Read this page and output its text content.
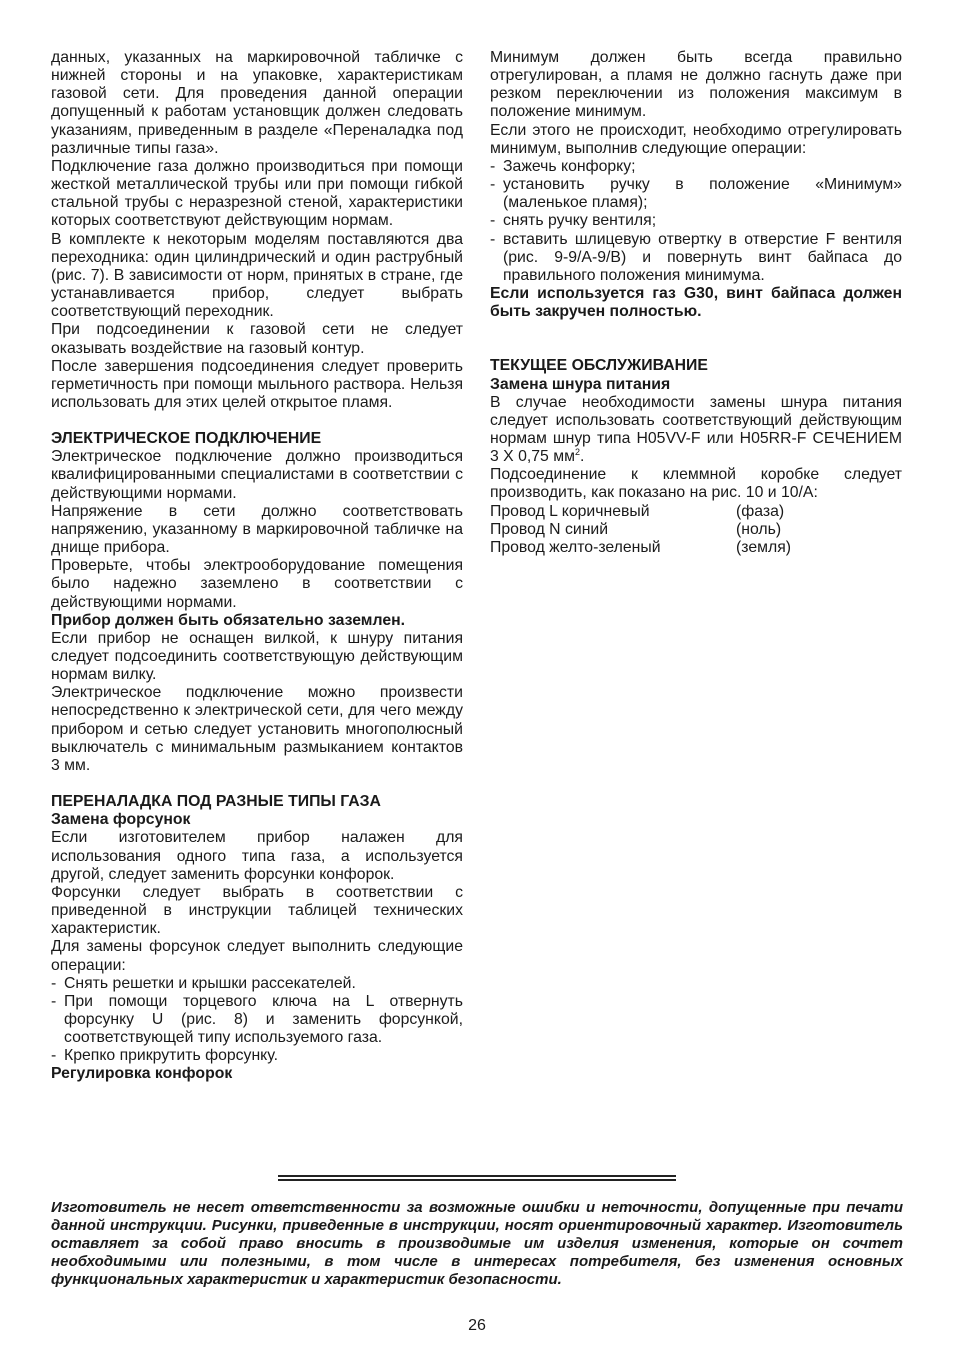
данных, указанных на маркировочной табличке с нижней стороны и на упаковке, характеристикам газовой сети. Для проведения данной операции допущенный к работам установщик должен следовать указаниям, приведенным в разделе «Переналадка под различные типы газа».

Подключение газа должно производиться при помощи жесткой металлической трубы или при помощи гибкой стальной трубы с неразрезной стеной, характеристики которых соответствуют действующим нормам.

В комплекте к некоторым моделям поставляются два переходника: один цилиндрический и один раструбный (рис. 7). В зависимости от норм, принятых в стране, где устанавливается прибор, следует выбрать соответствующий переходник.

При подсоединении к газовой сети не следует оказывать воздействие на газовый контур.

После завершения подсоединения следует проверить герметичность при помощи мыльного раствора. Нельзя использовать для этих целей открытое пламя.

ЭЛЕКТРИЧЕСКОЕ ПОДКЛЮЧЕНИЕ

Электрическое подключение должно производиться квалифицированными специалистами в соответствии с действующими нормами.

Напряжение в сети должно соответствовать напряжению, указанному в маркировочной табличке на днище прибора.

Проверьте, чтобы электрооборудование помещения было надежно заземлено в соответствии с действующими нормами.

Прибор должен быть обязательно заземлен.

Если прибор не оснащен вилкой, к шнуру питания следует подсоединить соответствующую действующим нормам вилку.

Электрическое подключение можно произвести непосредственно к электрической сети, для чего между прибором и сетью следует установить многополюсный выключатель с минимальным размыканием контактов 3 мм.

ПЕРЕНАЛАДКА ПОД РАЗНЫЕ ТИПЫ ГАЗА

Замена форсунок

Если изготовителем прибор налажен для использования одного типа газа, а используется другой, следует заменить форсунки конфорок.

Форсунки следует выбрать в соответствии с приведенной в инструкции таблицей технических характеристик.

Для замены форсунок следует выполнить следующие операции:

- Снять решетки и крышки рассекателей.
- При помощи торцевого ключа на L отвернуть форсунку U (рис. 8) и заменить форсункой, соответствующей типу используемого газа.
- Крепко прикрутить форсунку.

Регулировка конфорок

Минимум должен быть всегда правильно отрегулирован, а пламя не должно гаснуть даже при резком переключении из положения максимум в положение минимум.

Если этого не происходит, необходимо отрегулировать минимум, выполнив следующие операции:

- Зажечь конфорку;
- установить ручку в положение «Минимум» (маленькое пламя);
- снять ручку вентиля;
- вставить шлицевую отвертку в отверстие F вентиля (рис. 9-9/A-9/B) и повернуть винт байпаса до правильного положения минимума.

Если используется газ G30, винт байпаса должен быть закручен полностью.

ТЕКУЩЕЕ ОБСЛУЖИВАНИЕ

Замена шнура питания

В случае необходимости замены шнура питания следует использовать соответствующий действующим нормам шнур типа H05VV-F или H05RR-F СЕЧЕНИЕМ 3 X 0,75 $мм^2$.

Подсоединение к клеммной коробке следует производить, как показано на рис. 10 и 10/A:

Провод L коричневый	(фаза)
Провод N синий	(ноль)
Провод желто-зеленый	(земля)

Изготовитель не несет ответственности за возможные ошибки и неточности, допущенные при печати данной инструкции. Рисунки, приведенные в инструкции, носят ориентировочный характер. Изготовитель оставляет за собой право вносить в производимые им изделия изменения, которые он сочтет необходимыми или полезными, в том числе в интересах потребителя, без изменения основных функциональных характеристик и характеристик безопасности.

26
